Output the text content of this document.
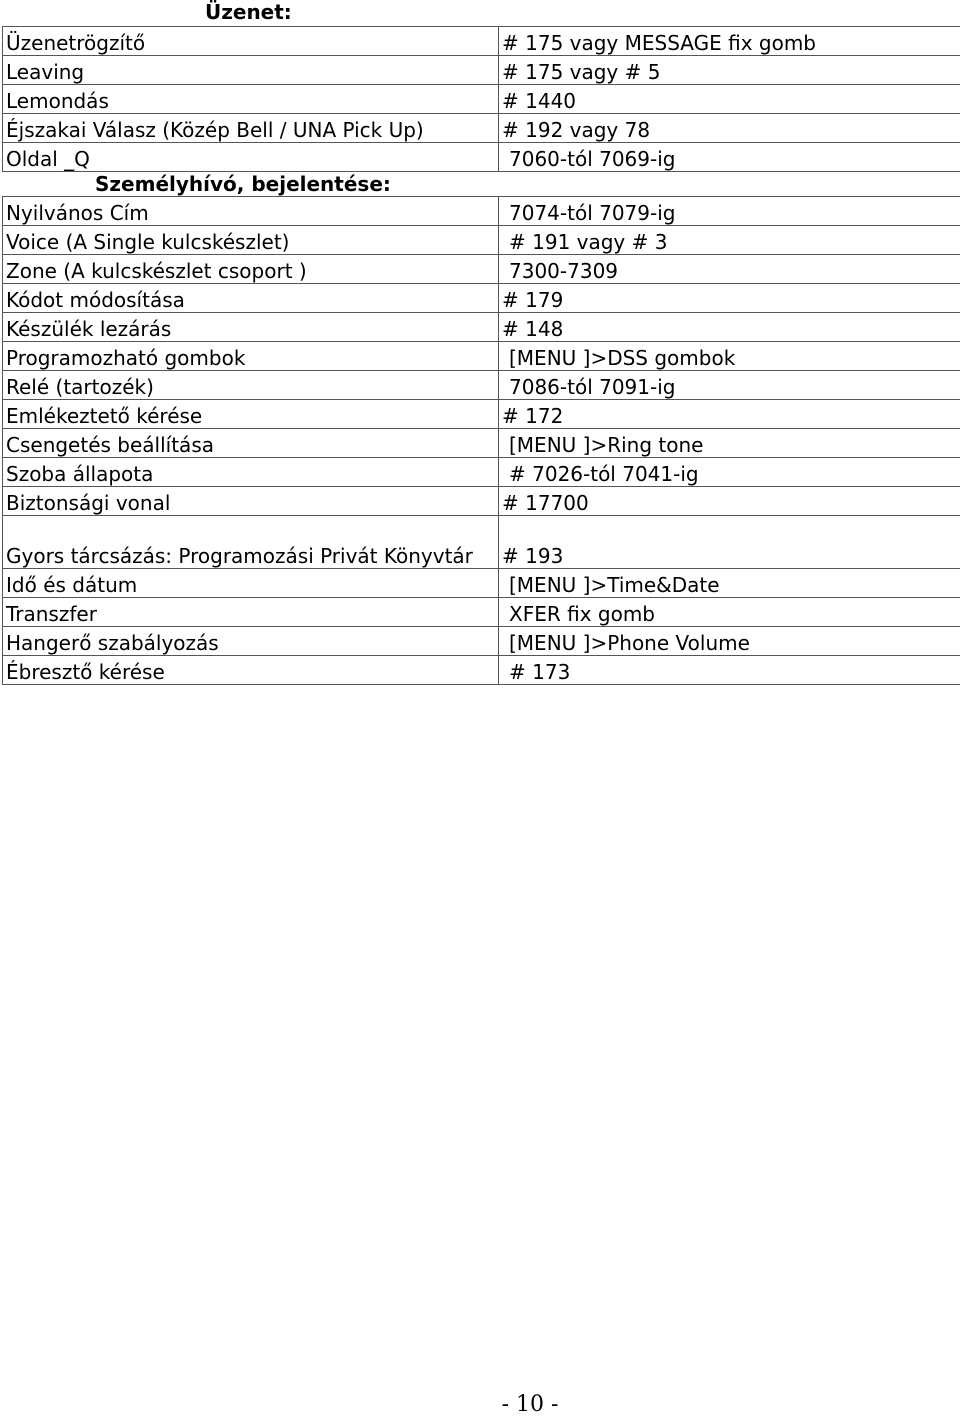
Üzenet:
Üzenetrögzítő	# 175 vagy MESSAGE fix gomb
Leaving	# 175 vagy # 5
Lemondás	# 1440
Éjszakai Válasz (Közép Bell / UNA Pick Up)	# 192 vagy 78
Oldal _Q	7060-tól 7069-ig
Személyhívó, bejelentése:
Nyilvános Cím	7074-tól 7079-ig
Voice (A Single kulcskészlet)	# 191 vagy # 3
Zone (A kulcskészlet csoport )	7300-7309
Kódot módosítása	# 179
Készülék lezárás	# 148
Programozható gombok	[MENU ]>DSS gombok
Relé (tartozék)	7086-tól 7091-ig
Emlékeztető kérése	# 172
Csengetés beállítása	[MENU ]>Ring tone
Szoba állapota	# 7026-tól 7041-ig
Biztonsági vonal	# 17700
Gyors tárcsázás: Programozási Privát Könyvtár	# 193
Idő és dátum	[MENU ]>Time&Date
Transzfer	XFER fix gomb
Hangerő szabályozás	[MENU ]>Phone Volume
Ébresztő kérése	# 173
- 10 -
